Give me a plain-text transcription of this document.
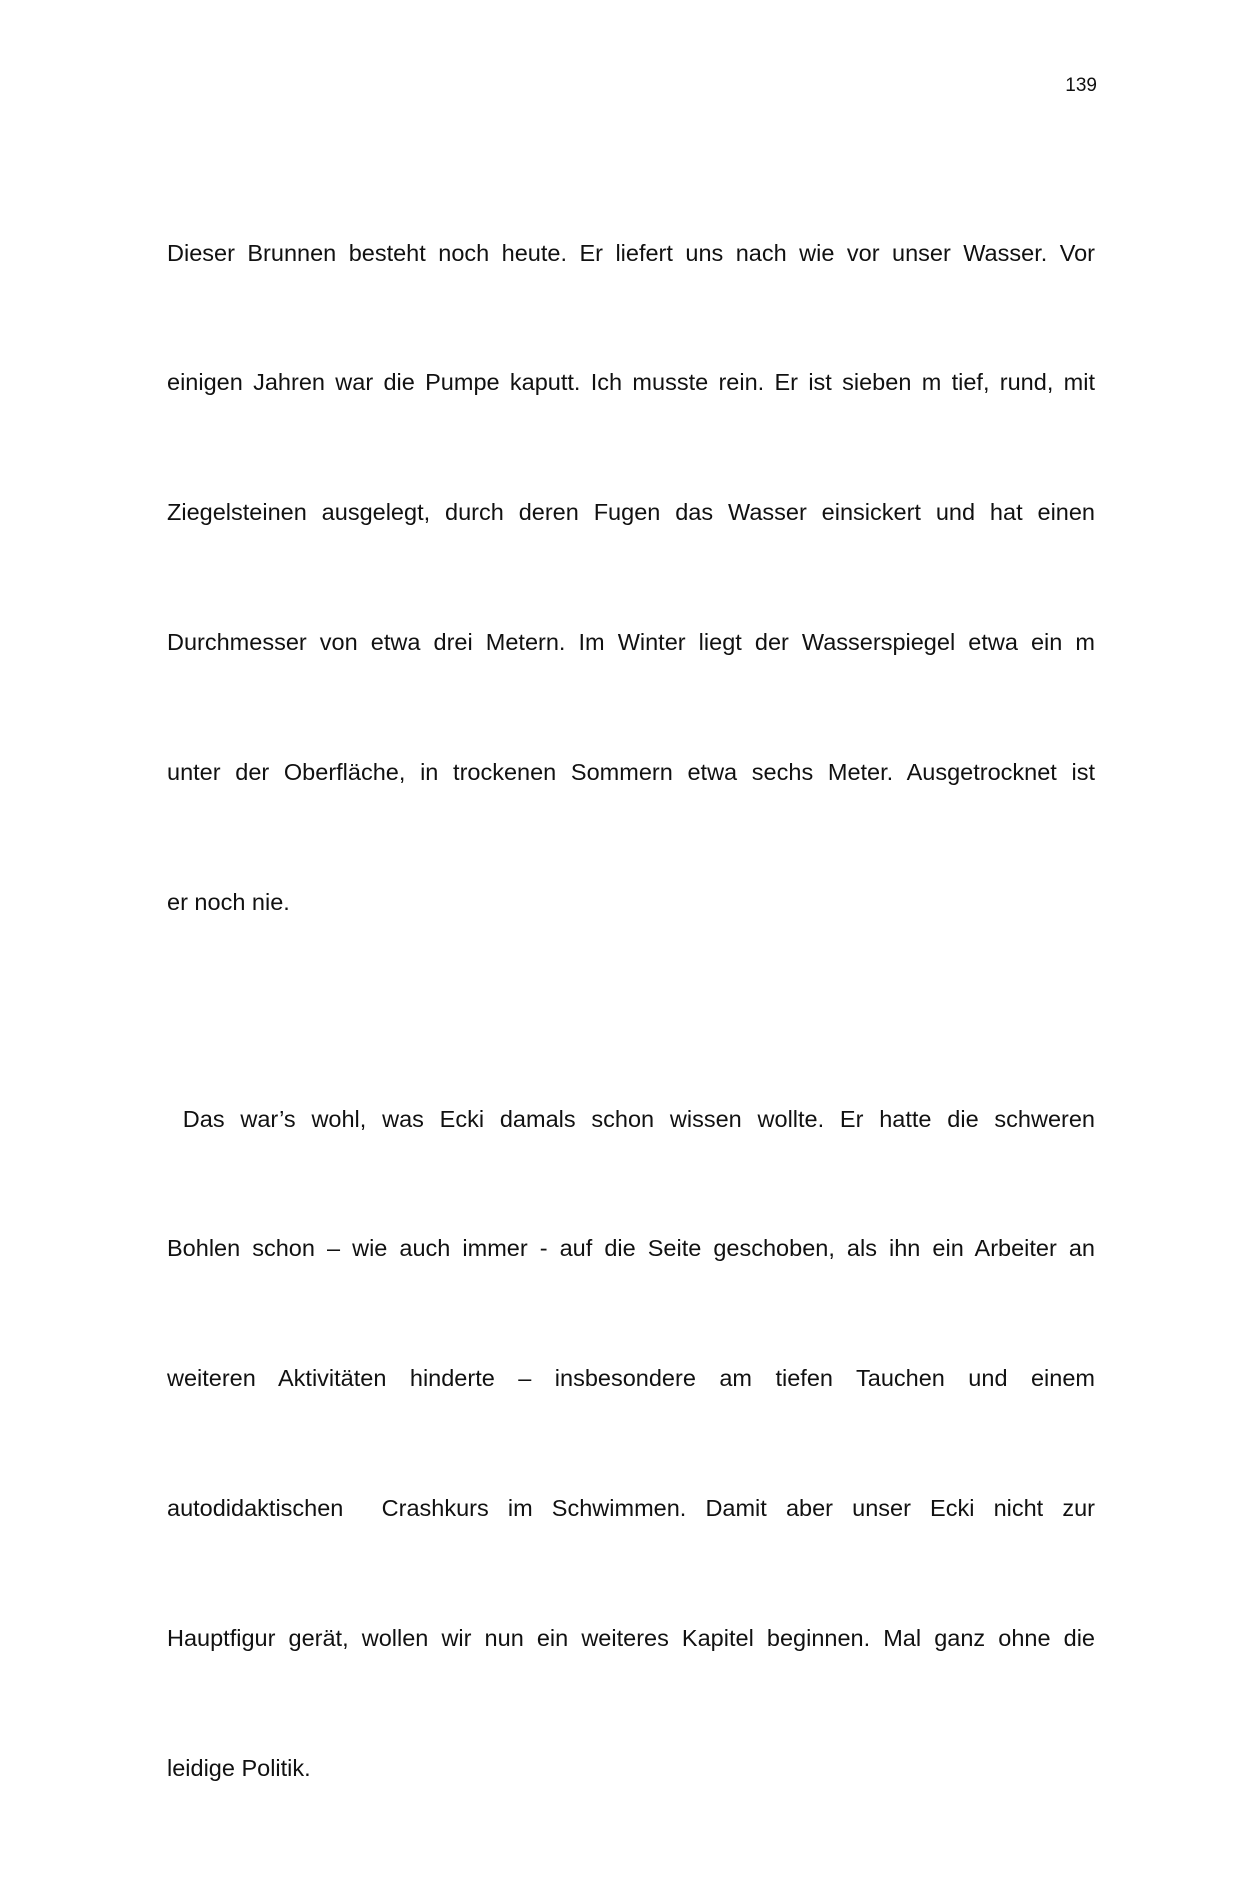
139

Dieser Brunnen besteht noch heute. Er liefert uns nach wie vor unser Wasser. Vor

einigen Jahren war die Pumpe kaputt. Ich musste rein. Er ist sieben m tief, rund, mit

Ziegelsteinen ausgelegt, durch deren Fugen das Wasser einsickert und hat einen

Durchmesser von etwa drei Metern. Im Winter liegt der Wasserspiegel etwa ein m

unter der Oberfläche, in trockenen Sommern etwa sechs Meter. Ausgetrocknet ist

er noch nie.

Das war’s wohl, was Ecki damals schon wissen wollte. Er hatte die schweren

Bohlen schon – wie auch immer - auf die Seite geschoben, als ihn ein Arbeiter an

weiteren Aktivitäten hinderte – insbesondere am tiefen Tauchen und einem

autodidaktischen  Crashkurs im Schwimmen. Damit aber unser Ecki nicht zur

Hauptfigur gerät, wollen wir nun ein weiteres Kapitel beginnen. Mal ganz ohne die

leidige Politik.
